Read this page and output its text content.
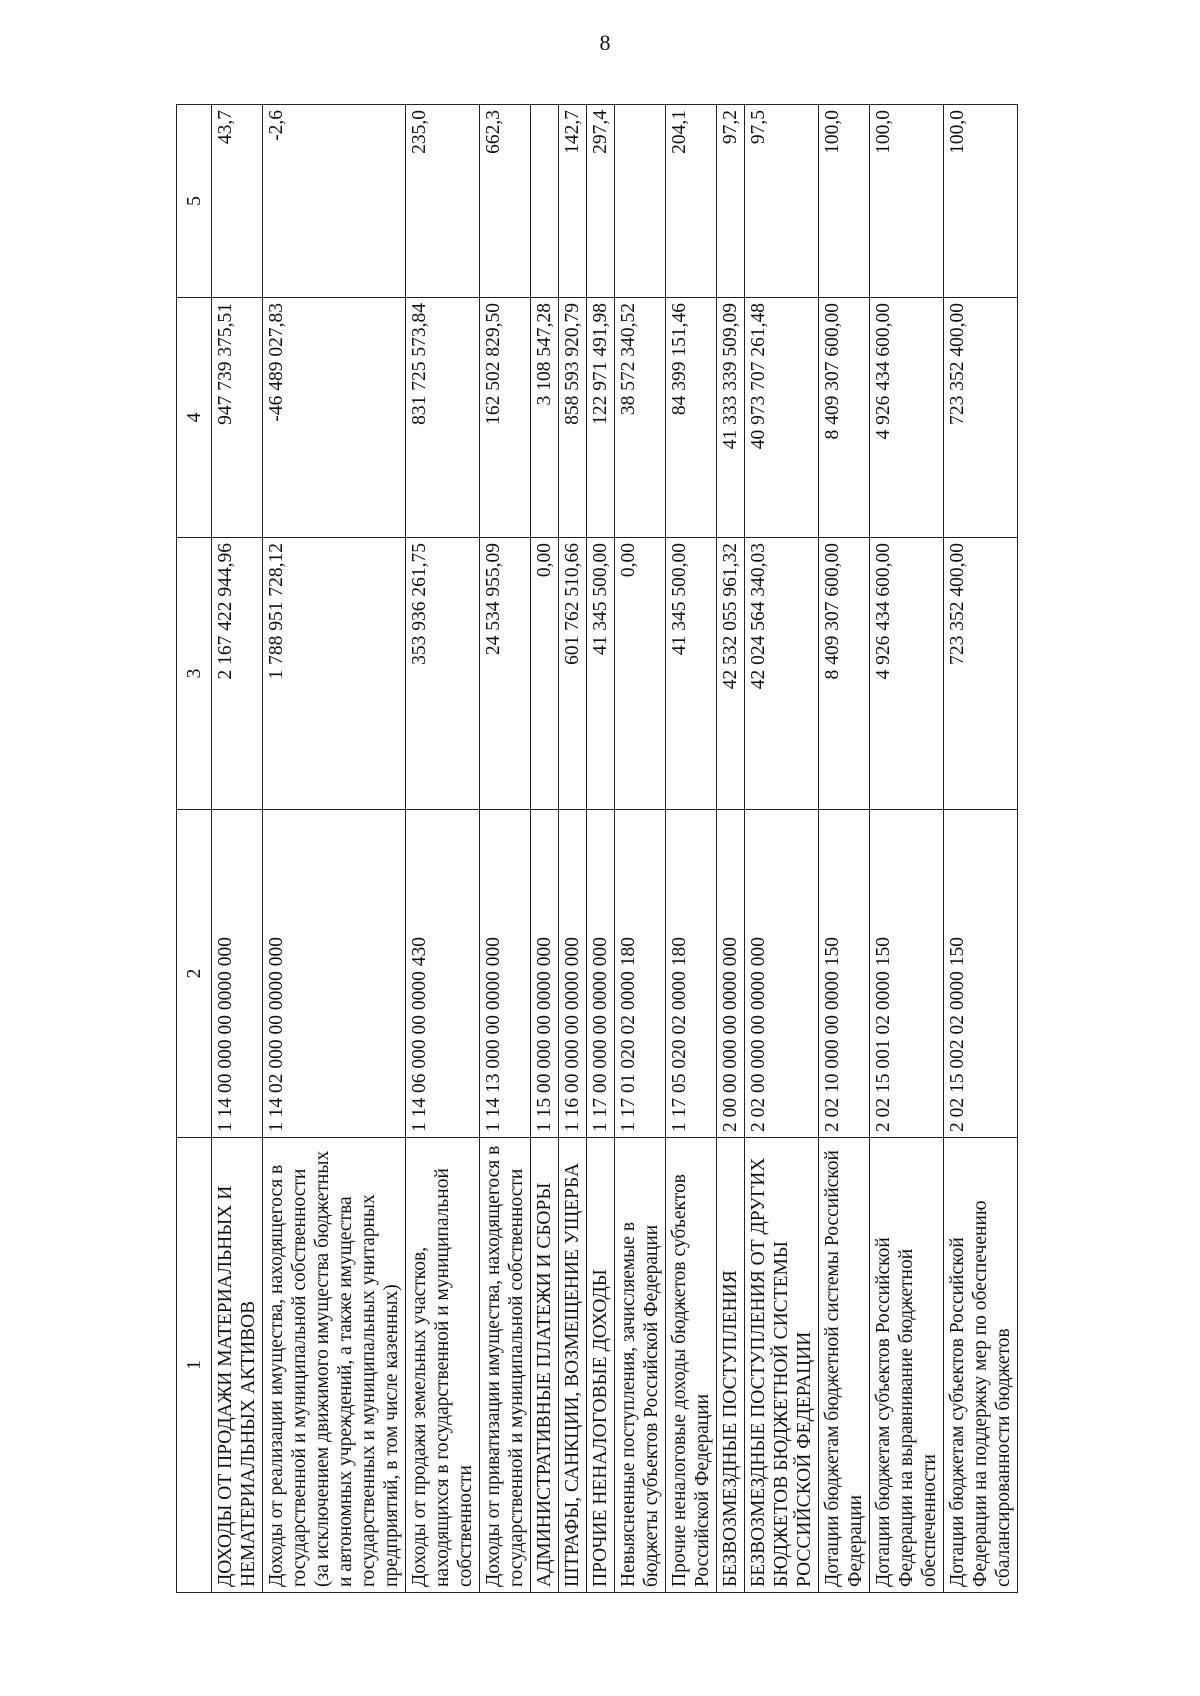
8
1	2	3	4	5
ДОХОДЫ ОТ ПРОДАЖИ МАТЕРИАЛЬНЫХ И НЕМАТЕРИАЛЬНЫХ АКТИВОВ	1 14 00 000 00 0000 000	2 167 422 944,96	947 739 375,51	43,7
Доходы от реализации имущества, находящегося в государственной и муниципальной собственности (за исключением движимого имущества бюджетных и автономных учреждений, а также имущества государственных и муниципальных унитарных предприятий, в том числе казенных)	1 14 02 000 00 0000 000	1 788 951 728,12	-46 489 027,83	-2,6
Доходы от продажи земельных участков, находящихся в государственной и муниципальной собственности	1 14 06 000 00 0000 430	353 936 261,75	831 725 573,84	235,0
Доходы от приватизации имущества, находящегося в государственной и муниципальной собственности	1 14 13 000 00 0000 000	24 534 955,09	162 502 829,50	662,3
АДМИНИСТРАТИВНЫЕ ПЛАТЕЖИ И СБОРЫ	1 15 00 000 00 0000 000	0,00	3 108 547,28	
ШТРАФЫ, САНКЦИИ, ВОЗМЕЩЕНИЕ УЩЕРБА	1 16 00 000 00 0000 000	601 762 510,66	858 593 920,79	142,7
ПРОЧИЕ НЕНАЛОГОВЫЕ ДОХОДЫ	1 17 00 000 00 0000 000	41 345 500,00	122 971 491,98	297,4
Невыясненные поступления, зачисляемые в бюджеты субъектов Российской Федерации	1 17 01 020 02 0000 180	0,00	38 572 340,52	
Прочие неналоговые доходы бюджетов субъектов Российской Федерации	1 17 05 020 02 0000 180	41 345 500,00	84 399 151,46	204,1
БЕЗВОЗМЕЗДНЫЕ ПОСТУПЛЕНИЯ	2 00 00 000 00 0000 000	42 532 055 961,32	41 333 339 509,09	97,2
БЕЗВОЗМЕЗДНЫЕ ПОСТУПЛЕНИЯ ОТ ДРУГИХ БЮДЖЕТОВ БЮДЖЕТНОЙ СИСТЕМЫ РОССИЙСКОЙ ФЕДЕРАЦИИ	2 02 00 000 00 0000 000	42 024 564 340,03	40 973 707 261,48	97,5
Дотации бюджетам бюджетной системы Российской Федерации	2 02 10 000 00 0000 150	8 409 307 600,00	8 409 307 600,00	100,0
Дотации бюджетам субъектов Российской Федерации на выравнивание бюджетной обеспеченности	2 02 15 001 02 0000 150	4 926 434 600,00	4 926 434 600,00	100,0
Дотации бюджетам субъектов Российской Федерации на поддержку мер по обеспечению сбалансированности бюджетов	2 02 15 002 02 0000 150	723 352 400,00	723 352 400,00	100,0
